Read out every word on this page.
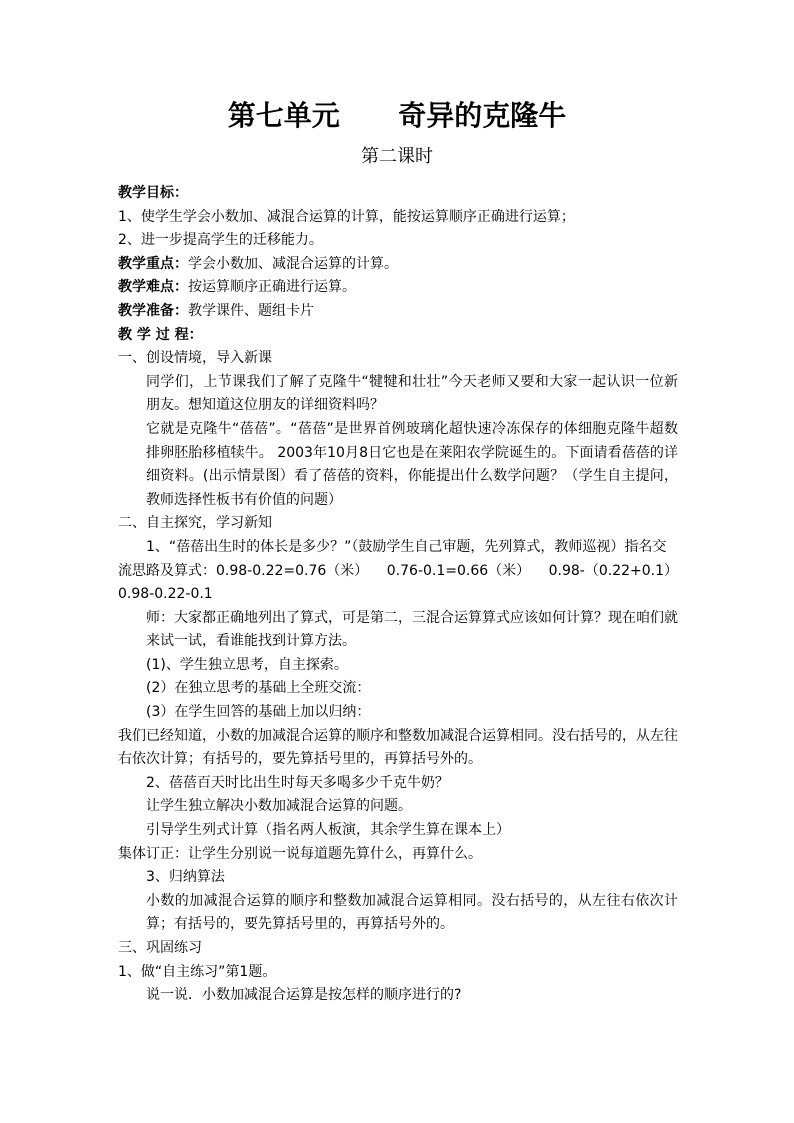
第七单元      奇异的克隆牛
第二课时
教学目标：
1、使学生学会小数加、减混合运算的计算，能按运算顺序正确进行运算；
2、进一步提高学生的迁移能力。
教学重点：学会小数加、减混合运算的计算。
教学难点：按运算顺序正确进行运算。
教学准备：教学课件、题组卡片
教 学 过 程：
一、创设情境，导入新课
同学们，上节课我们了解了克隆牛“犍犍和壮壮”今天老师又要和大家一起认识一位新朋友。想知道这位朋友的详细资料吗？
它就是克隆牛“蓓蓓”。“蓓蓓”是世界首例玻璃化超快速冷冻保存的体细胞克隆牛超数排卵胚胎移植犊牛。 2003年10月8日它也是在莱阳农学院诞生的。下面请看蓓蓓的详细资料。(出示情景图）看了蓓蓓的资料，你能提出什么数学问题？（学生自主提问，教师选择性板书有价值的问题）
二、自主探究，学习新知
1、“蓓蓓出生时的体长是多少？”（鼓励学生自己审题，先列算式，教师巡视）指名交
流思路及算式：0.98-0.22=0.76（米） 0.76-0.1=0.66（米） 0.98-（0.22+0.1）
0.98-0.22-0.1
师：大家都正确地列出了算式，可是第二，三混合运算算式应该如何计算？现在咱们就来试一试，看谁能找到计算方法。
(1)、学生独立思考，自主探索。
(2）在独立思考的基础上全班交流：
(3）在学生回答的基础上加以归纳：
我们已经知道，小数的加减混合运算的顺序和整数加减混合运算相同。没右括号的，从左往右依次计算；有括号的，要先算括号里的，再算括号外的。
2、蓓蓓百天时比出生时每天多喝多少千克牛奶？
让学生独立解决小数加减混合运算的问题。
引导学生列式计算（指名两人板演，其余学生算在课本上）
集体订正：让学生分别说一说每道题先算什么，再算什么。
3、归纳算法
小数的加减混合运算的顺序和整数加减混合运算相同。没右括号的，从左往右依次计算；有括号的，要先算括号里的，再算括号外的。
三、巩固练习
1、做“自主练习”第1题。
说一说．小数加减混合运算是按怎样的顺序进行的?
